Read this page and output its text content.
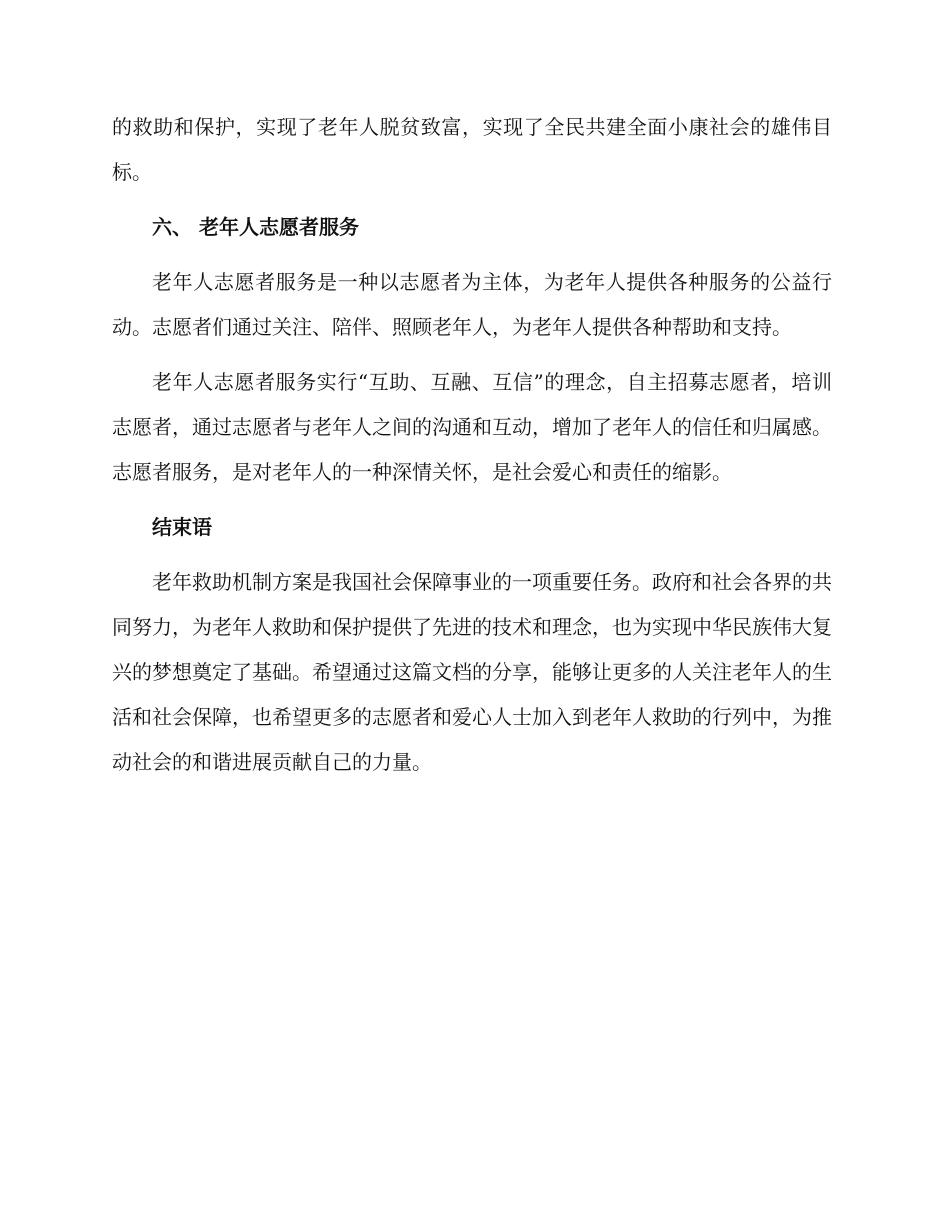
的救助和保护，实现了老年人脱贫致富，实现了全民共建全面小康社会的雄伟目标。

六、 老年人志愿者服务

老年人志愿者服务是一种以志愿者为主体，为老年人提供各种服务的公益行动。志愿者们通过关注、陪伴、照顾老年人，为老年人提供各种帮助和支持。

老年人志愿者服务实行“互助、互融、互信”的理念，自主招募志愿者，培训志愿者，通过志愿者与老年人之间的沟通和互动，增加了老年人的信任和归属感。志愿者服务，是对老年人的一种深情关怀，是社会爱心和责任的缩影。

结束语

老年救助机制方案是我国社会保障事业的一项重要任务。政府和社会各界的共同努力，为老年人救助和保护提供了先进的技术和理念，也为实现中华民族伟大复兴的梦想奠定了基础。希望通过这篇文档的分享，能够让更多的人关注老年人的生活和社会保障，也希望更多的志愿者和爱心人士加入到老年人救助的行列中，为推动社会的和谐进展贡献自己的力量。
